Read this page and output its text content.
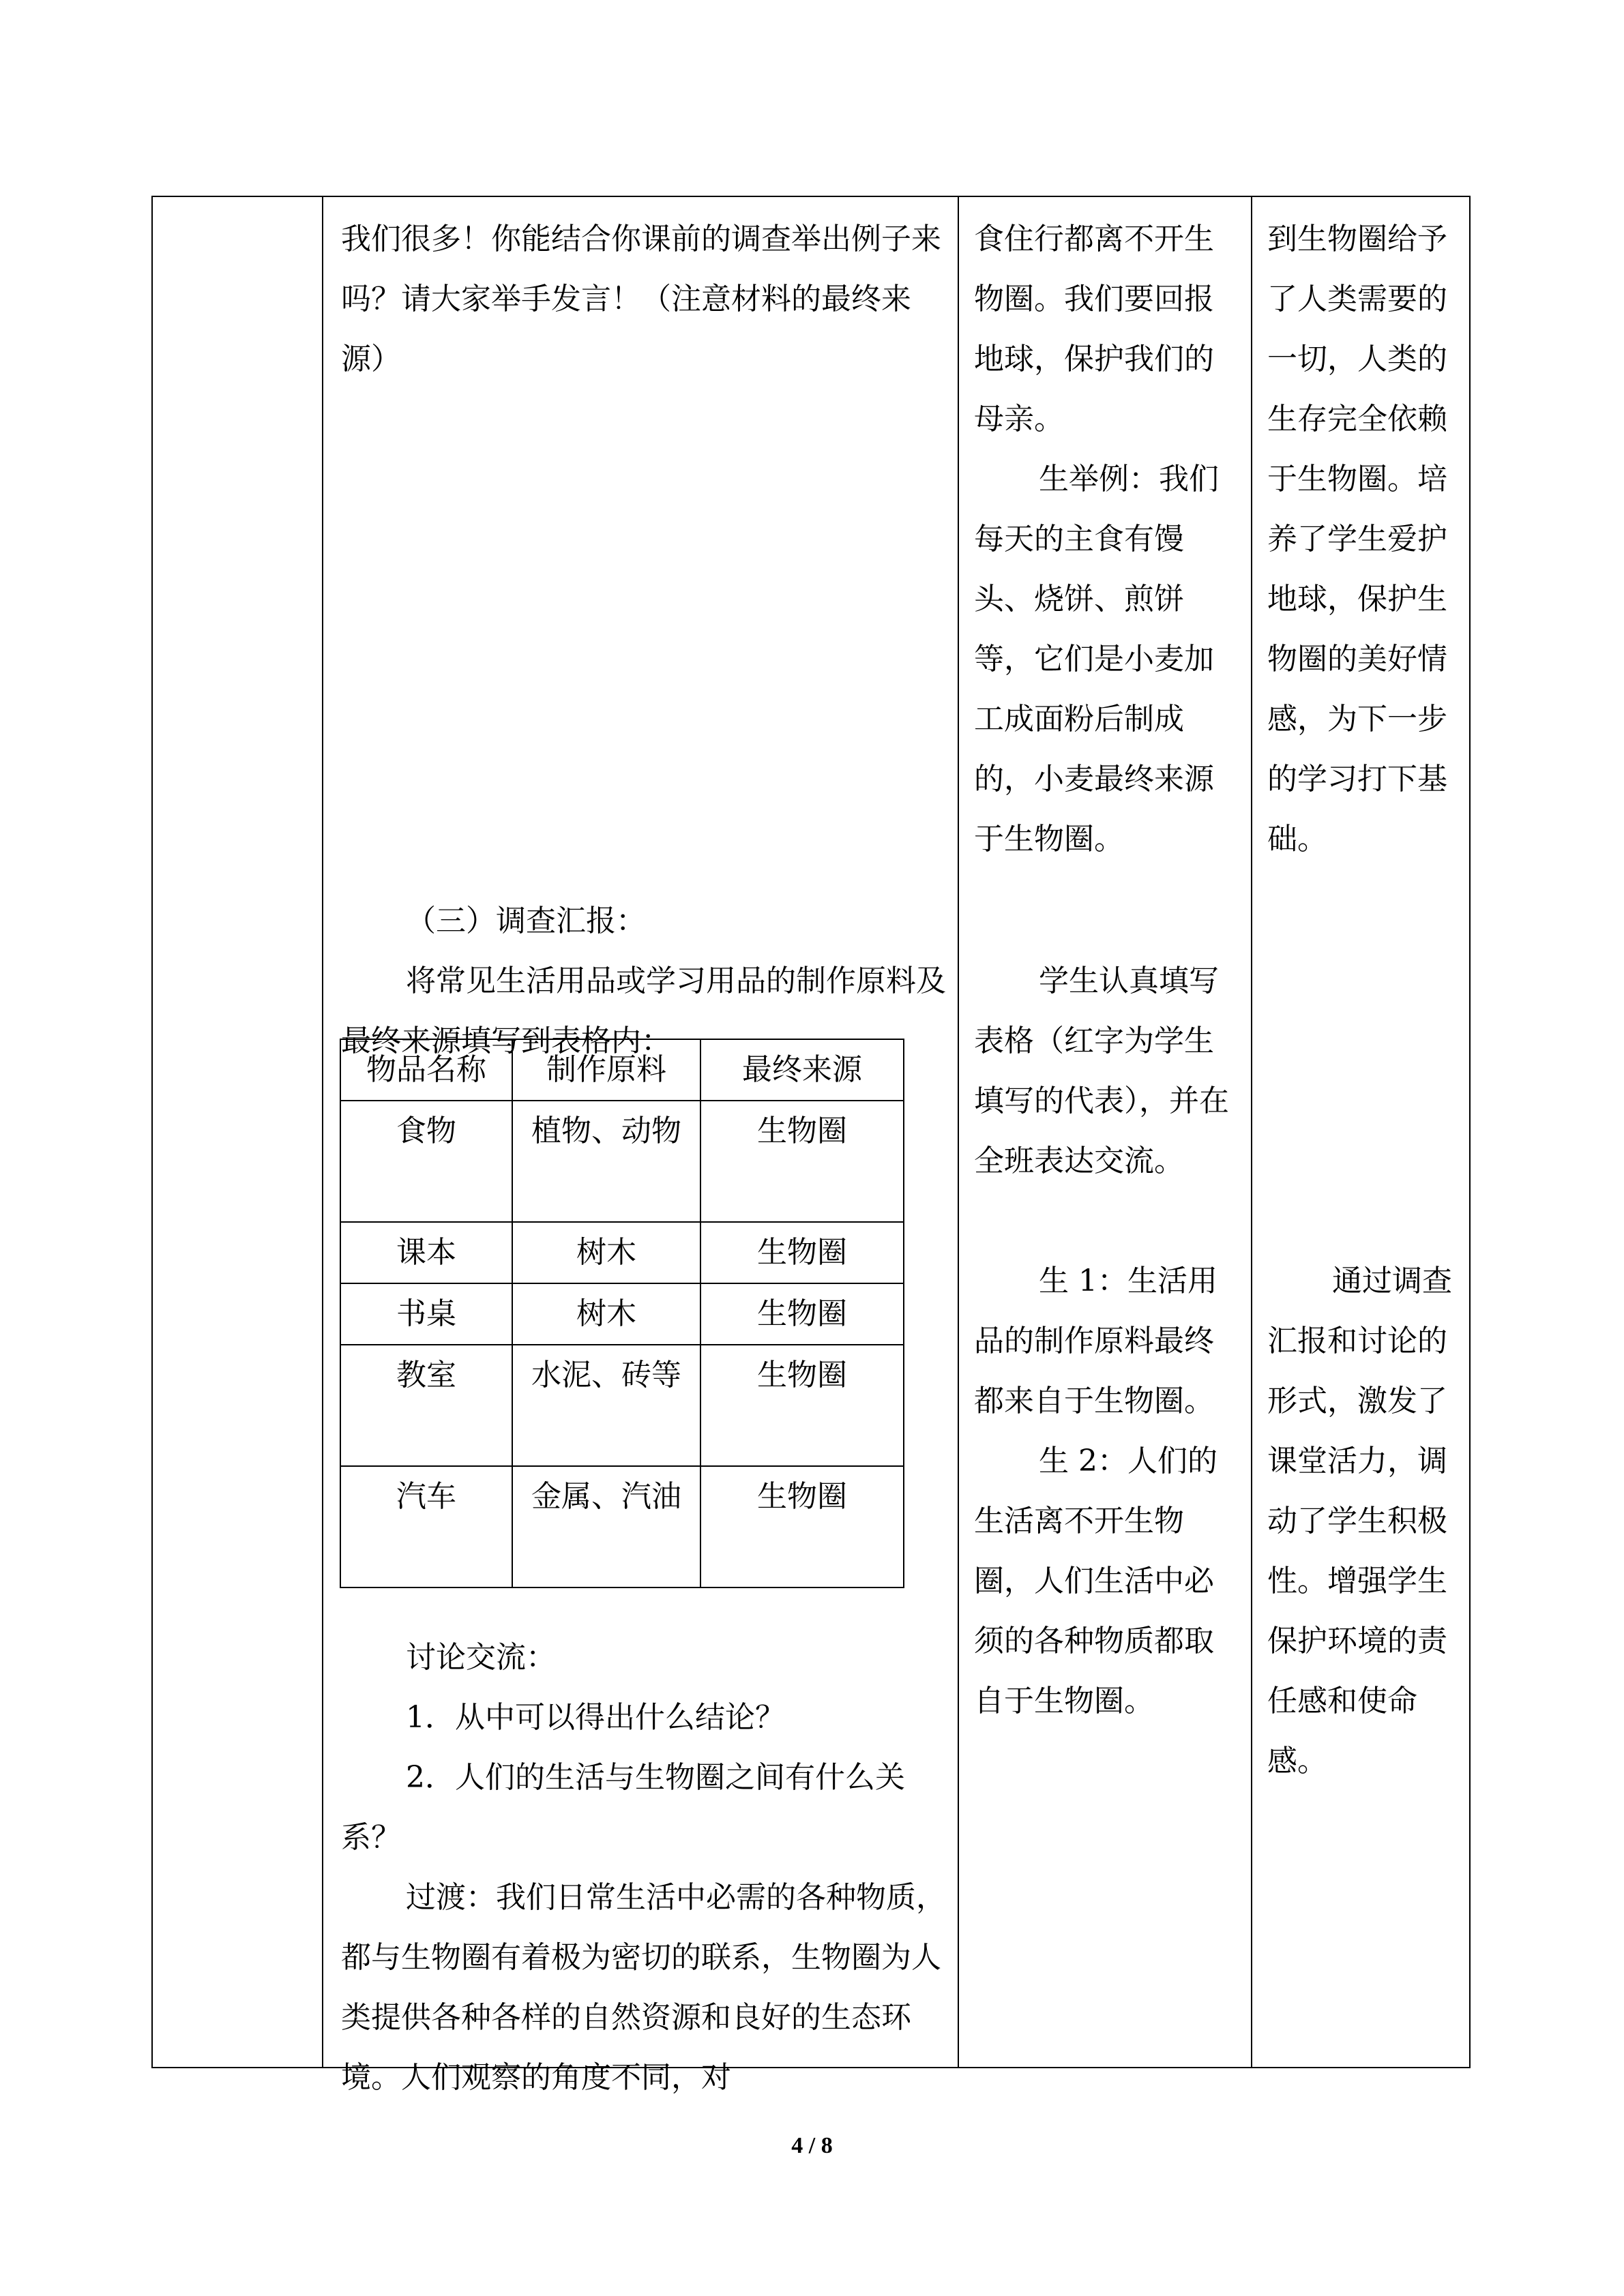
我们很多！你能结合你课前的调查举出例子来吗？请大家举手发言！（注意材料的最终来源）

（三）调查汇报：

将常见生活用品或学习用品的制作原料及最终来源填写到表格内：

物品名称	制作原料	最终来源
食物	植物、动物	生物圈
课本	树木	生物圈
书桌	树木	生物圈
教室	水泥、砖等	生物圈
汽车	金属、汽油	生物圈

讨论交流：

1．从中可以得出什么结论？

2．人们的生活与生物圈之间有什么关系？

过渡：我们日常生活中必需的各种物质，都与生物圈有着极为密切的联系，生物圈为人类提供各种各样的自然资源和良好的生态环境。人们观察的角度不同，对

食住行都离不开生物圈。我们要回报地球，保护我们的母亲。

生举例：我们每天的主食有馒头、烧饼、煎饼等，它们是小麦加工成面粉后制成的，小麦最终来源于生物圈。

学生认真填写表格（红字为学生填写的代表），并在全班表达交流。

生 1：生活用品的制作原料最终都来自于生物圈。

生 2：人们的生活离不开生物圈，人们生活中必须的各种物质都取自于生物圈。

到生物圈给予了人类需要的一切，人类的生存完全依赖于生物圈。培养了学生爱护地球，保护生物圈的美好情感，为下一步的学习打下基础。

通过调查汇报和讨论的形式，激发了课堂活力，调动了学生积极性。增强学生保护环境的责任感和使命感。

4 / 8
